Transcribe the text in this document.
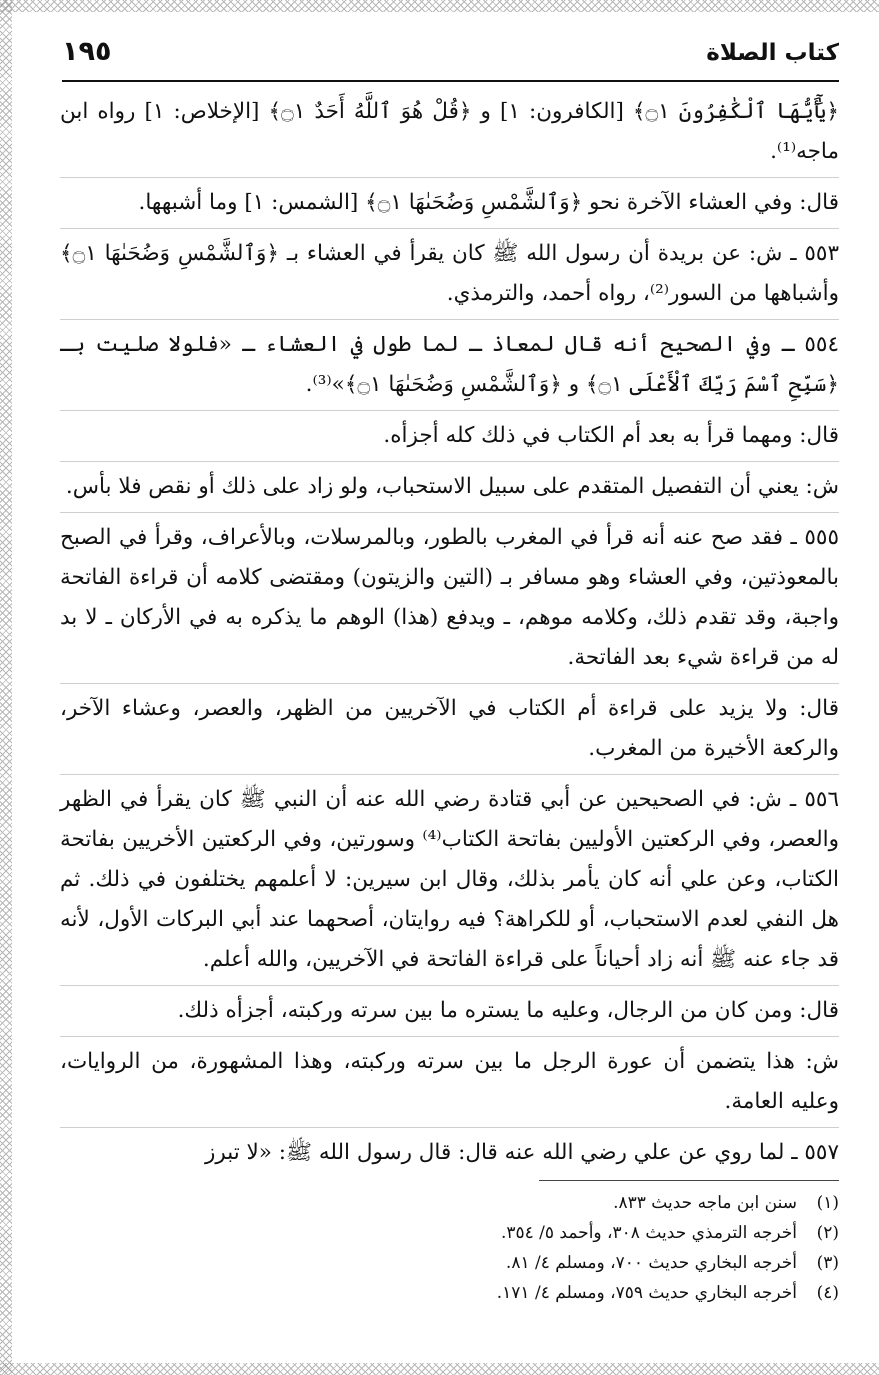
١٩٥	كتاب الصلاة
﴿يَٰٓأَيُّهَا ٱلْكَٰفِرُونَ ۝١﴾ [الكافرون: ١] و ﴿قُلْ هُوَ ٱللَّهُ أَحَدٌ ۝١﴾ [الإخلاص: ١] رواه ابن ماجه⁽¹⁾.
قال: وفي العشاء الآخرة نحو ﴿وَٱلشَّمْسِ وَضُحَىٰهَا ۝١﴾ [الشمس: ١] وما أشبهها.
٥٥٣ ـ ش: عن بريدة أن رسول الله ﷺ كان يقرأ في العشاء بـ ﴿وَٱلشَّمْسِ وَضُحَىٰهَا ۝١﴾ وأشباهها من السور⁽²⁾، رواه أحمد، والترمذي.
٥٥٤ ـ وفي الصحيح أنه قال لمعاذ ـ لما طول في العشاء ـ «فلولا صليت بـ ﴿سَبِّحِ ٱسْمَ رَبِّكَ ٱلْأَعْلَى ۝١﴾ و ﴿وَٱلشَّمْسِ وَضُحَىٰهَا ۝١﴾»⁽³⁾.
قال: ومهما قرأ به بعد أم الكتاب في ذلك كله أجزأه.
ش: يعني أن التفصيل المتقدم على سبيل الاستحباب، ولو زاد على ذلك أو نقص فلا بأس.
٥٥٥ ـ فقد صح عنه أنه قرأ في المغرب بالطور، وبالمرسلات، وبالأعراف، وقرأ في الصبح بالمعوذتين، وفي العشاء وهو مسافر بـ (التين والزيتون) ومقتضى كلامه أن قراءة الفاتحة واجبة، وقد تقدم ذلك، وكلامه موهم، ـ ويدفع (هذا) الوهم ما يذكره به في الأركان ـ لا بد له من قراءة شيء بعد الفاتحة.
قال: ولا يزيد على قراءة أم الكتاب في الآخريين من الظهر، والعصر، وعشاء الآخر، والركعة الأخيرة من المغرب.
٥٥٦ ـ ش: في الصحيحين عن أبي قتادة رضي الله عنه أن النبي ﷺ كان يقرأ في الظهر والعصر، وفي الركعتين الأوليين بفاتحة الكتاب⁽⁴⁾ وسورتين، وفي الركعتين الأخريين بفاتحة الكتاب، وعن علي أنه كان يأمر بذلك، وقال ابن سيرين: لا أعلمهم يختلفون في ذلك. ثم هل النفي لعدم الاستحباب، أو للكراهة؟ فيه روايتان، أصحهما عند أبي البركات الأول، لأنه قد جاء عنه ﷺ أنه زاد أحياناً على قراءة الفاتحة في الآخريين، والله أعلم.
قال: ومن كان من الرجال، وعليه ما يستره ما بين سرته وركبته، أجزأه ذلك.
ش: هذا يتضمن أن عورة الرجل ما بين سرته وركبته، وهذا المشهورة، من الروايات، وعليه العامة.
٥٥٧ ـ لما روي عن علي رضي الله عنه قال: قال رسول الله ﷺ: «لا تبرز
(١)سنن ابن ماجه حديث ٨٣٣.
(٢)أخرجه الترمذي حديث ٣٠٨، وأحمد ٥/ ٣٥٤.
(٣)أخرجه البخاري حديث ٧٠٠، ومسلم ٤/ ٨١.
(٤)أخرجه البخاري حديث ٧٥٩، ومسلم ٤/ ١٧١.
